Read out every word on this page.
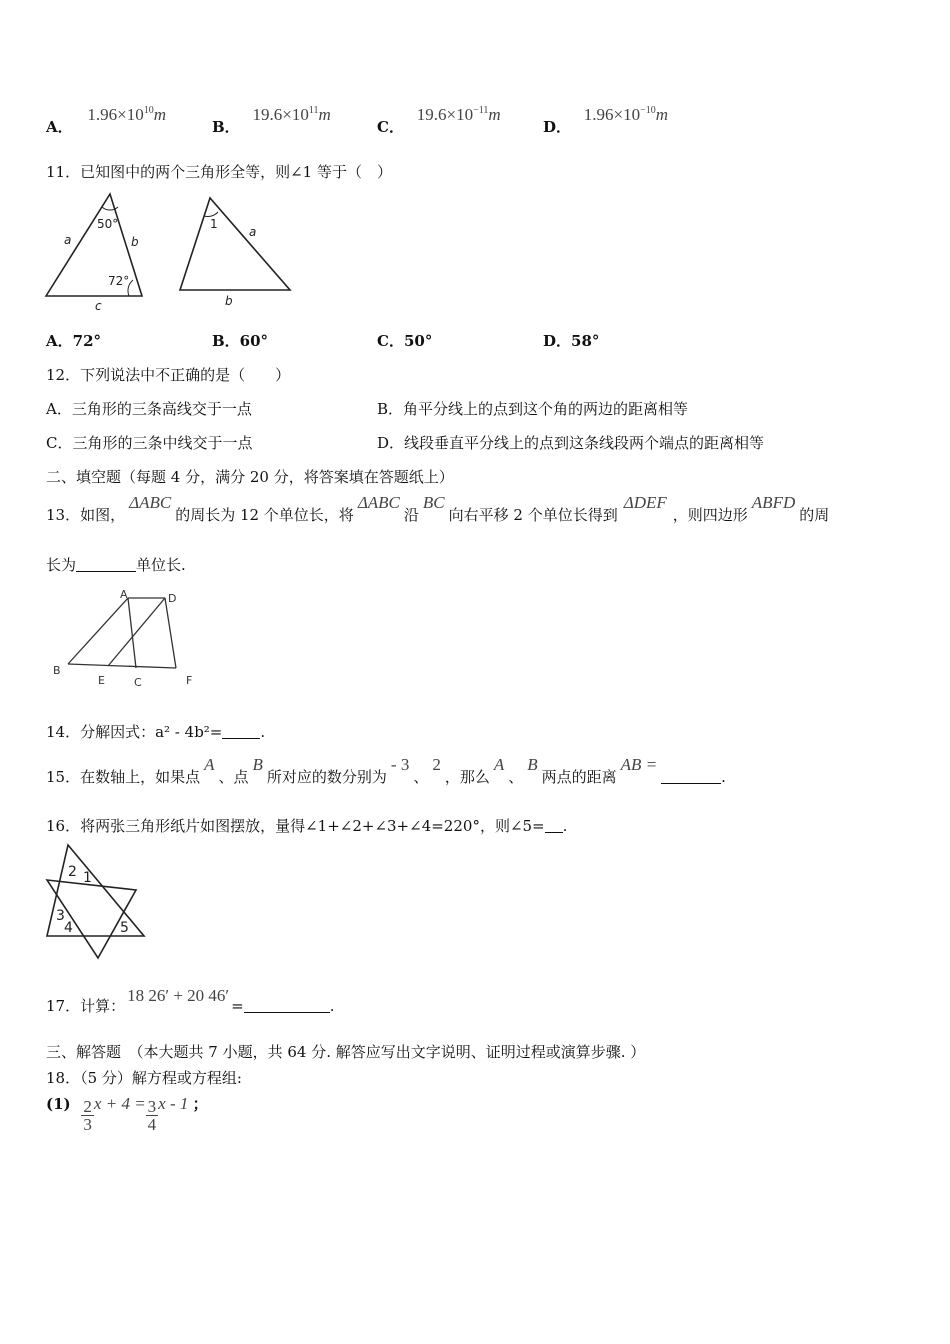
A． $1.96\times 10^{10}m$
B． $19.6\times 10^{11}m$
C． $19.6\times 10^{-11}m$
D． $1.96\times 10^{-10}m$
11．已知图中的两个三角形全等，则∠1 等于（　）
50°
72°
a	b
c
1
a
b
A．72°	B．60°	C．50°	D．58°
12．下列说法中不正确的是（　　）
A．三角形的三条高线交于一点	B．角平分线上的点到这个角的两边的距离相等
C．三角形的三条中线交于一点	D．线段垂直平分线上的点到这条线段两个端点的距离相等
二、填空题（每题 4 分，满分 20 分，将答案填在答题纸上）
13．如图，ΔABC的周长为 12 个单位长，将ΔABC沿BC向右平移 2 个单位长得到ΔDEF，则四边形ABFD的周
长为	单位长.
A	D
B
E	C	F
14．分解因式：a² - 4b²=	.
15．在数轴上，如果点A、点B所对应的数分别为- 3、2，那么A、B两点的距离AB =.
16．将两张三角形纸片如图摆放，量得∠1+∠2+∠3+∠4=220°，则∠5= .
2 1
3
4	5
17．计算：18 26′ + 20 46′=	.
三、解答题　（本大题共 7 小题，共 64 分. 解答应写出文字说明、证明过程或演算步骤. ）
18．（5 分）解方程或方程组:
$(1) \frac{2}{3}$ $x + 4 = \frac{3}{4}$ x - 1 ；
